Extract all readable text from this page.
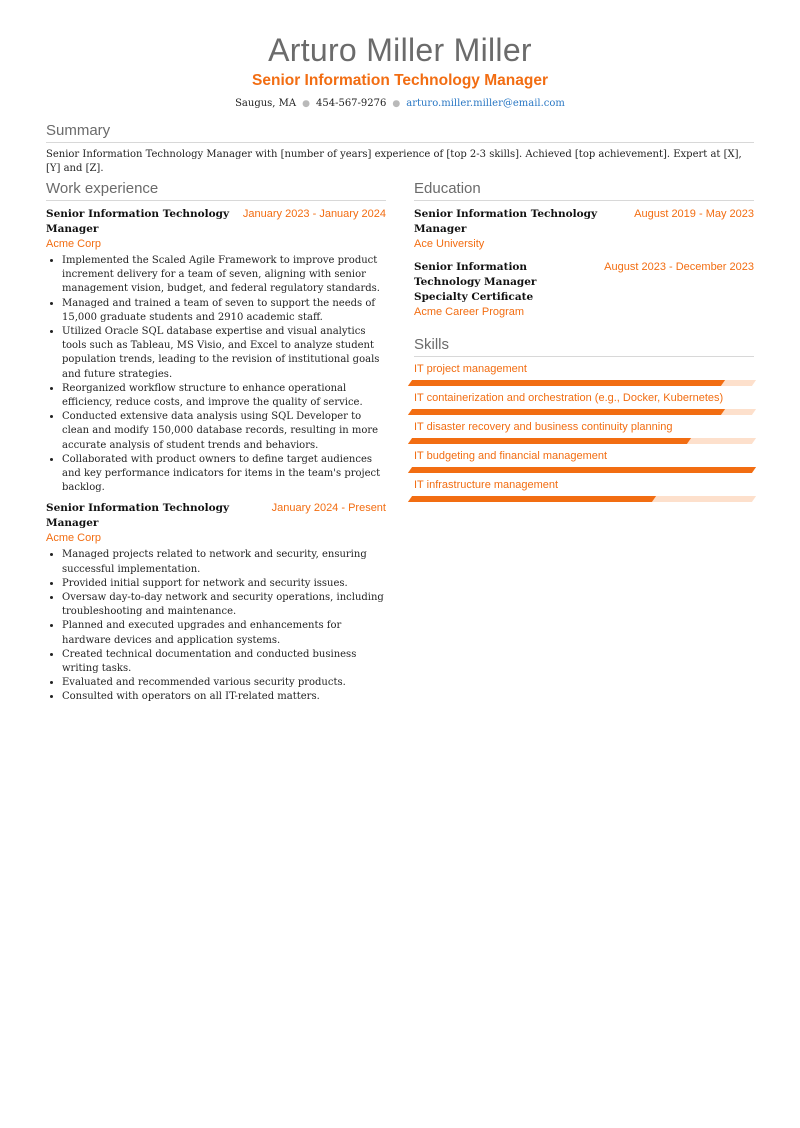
Arturo Miller Miller
Senior Information Technology Manager
Saugus, MA ● 454-567-9276 ● arturo.miller.miller@email.com
Summary

Senior Information Technology Manager with [number of years] experience of [top 2-3 skills]. Achieved [top achievement]. Expert at [X], [Y] and [Z].

Work experience
Senior Information Technology Manager
January 2023 - January 2024
Acme Corp
• Implemented the Scaled Agile Framework to improve product increment delivery for a team of seven, aligning with senior management vision, budget, and federal regulatory standards.
• Managed and trained a team of seven to support the needs of 15,000 graduate students and 2910 academic staff.
• Utilized Oracle SQL database expertise and visual analytics tools such as Tableau, MS Visio, and Excel to analyze student population trends, leading to the revision of institutional goals and future strategies.
• Reorganized workflow structure to enhance operational efficiency, reduce costs, and improve the quality of service.
• Conducted extensive data analysis using SQL Developer to clean and modify 150,000 database records, resulting in more accurate analysis of student trends and behaviors.
• Collaborated with product owners to define target audiences and key performance indicators for items in the team's project backlog.
Senior Information Technology Manager
January 2024 - Present
Acme Corp
• Managed projects related to network and security, ensuring successful implementation.
• Provided initial support for network and security issues.
• Oversaw day-to-day network and security operations, including troubleshooting and maintenance.
• Planned and executed upgrades and enhancements for hardware devices and application systems.
• Created technical documentation and conducted business writing tasks.
• Evaluated and recommended various security products.
• Consulted with operators on all IT-related matters.
Education
Senior Information Technology Manager
August 2019 - May 2023
Ace University
Senior Information Technology Manager Specialty Certificate
August 2023 - December 2023
Acme Career Program
Skills
IT project management
IT containerization and orchestration (e.g., Docker, Kubernetes)
IT disaster recovery and business continuity planning
IT budgeting and financial management
IT infrastructure management
